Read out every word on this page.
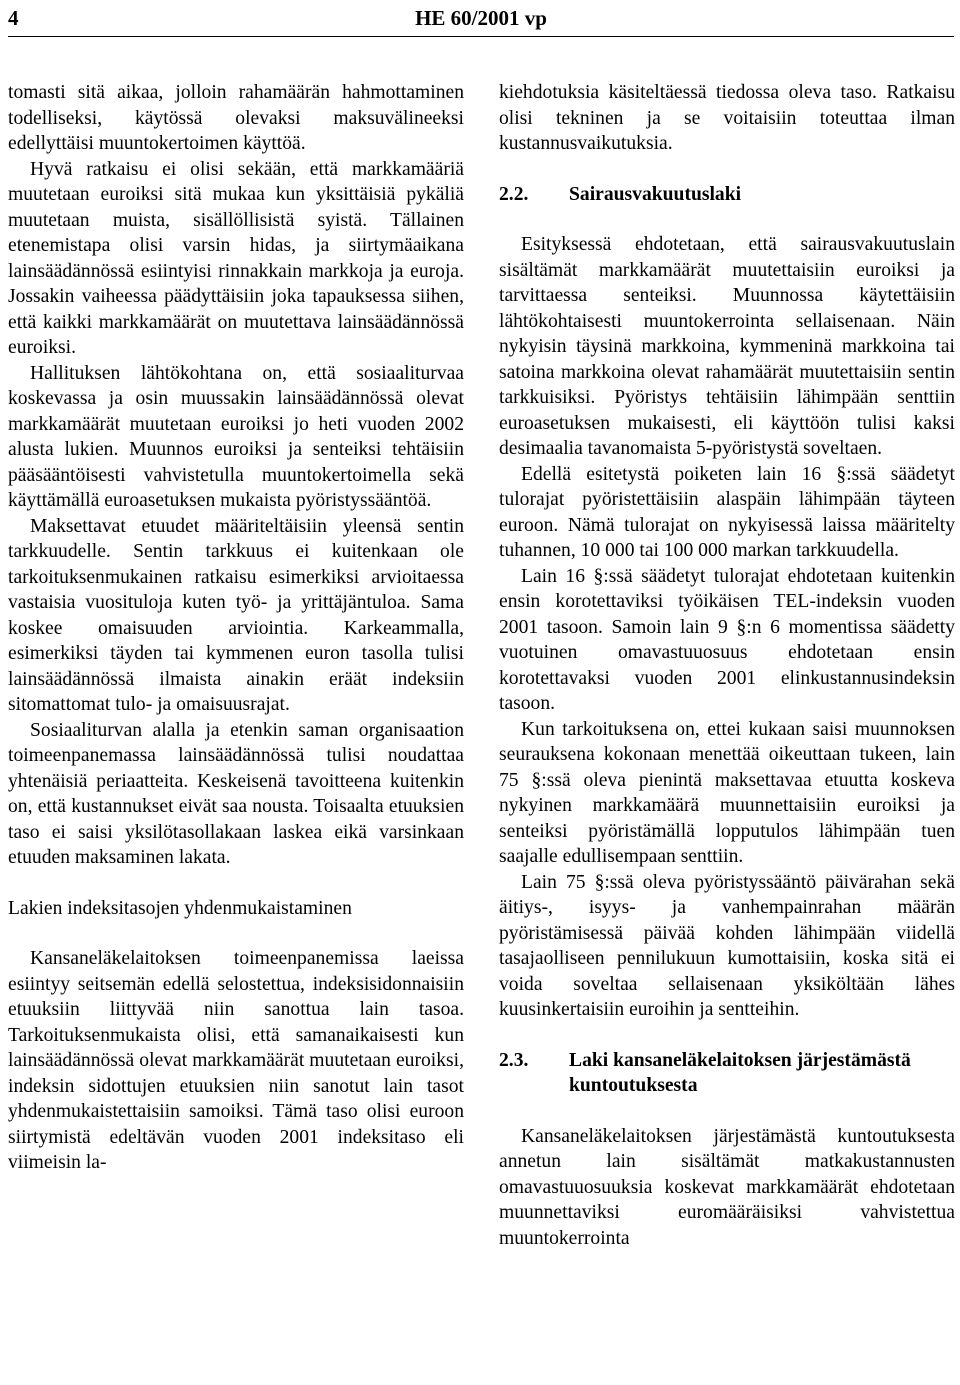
4	HE 60/2001 vp

tomasti sitä aikaa, jolloin rahamäärän hahmottaminen todelliseksi, käytössä olevaksi maksuvälineeksi edellyttäisi muuntokertoimen käyttöä.

Hyvä ratkaisu ei olisi sekään, että markkamääriä muutetaan euroiksi sitä mukaa kun yksittäisiä pykäliä muutetaan muista, sisällöllisistä syistä. Tällainen etenemistapa olisi varsin hidas, ja siirtymäaikana lainsäädännössä esiintyisi rinnakkain markkoja ja euroja. Jossakin vaiheessa päädyttäisiin joka tapauksessa siihen, että kaikki markkamäärät on muutettava lainsäädännössä euroiksi.

Hallituksen lähtökohtana on, että sosiaaliturvaa koskevassa ja osin muussakin lainsäädännössä olevat markkamäärät muutetaan euroiksi jo heti vuoden 2002 alusta lukien. Muunnos euroiksi ja senteiksi tehtäisiin pääsääntöisesti vahvistetulla muuntokertoimella sekä käyttämällä euroasetuksen mukaista pyöristyssääntöä.

Maksettavat etuudet määriteltäisiin yleensä sentin tarkkuudelle. Sentin tarkkuus ei kuitenkaan ole tarkoituksenmukainen ratkaisu esimerkiksi arvioitaessa vastaisia vuosituloja kuten työ- ja yrittäjäntuloa. Sama koskee omaisuuden arviointia. Karkeammalla, esimerkiksi täyden tai kymmenen euron tasolla tulisi lainsäädännössä ilmaista ainakin eräät indeksiin sitomattomat tulo- ja omaisuusrajat.

Sosiaaliturvan alalla ja etenkin saman organisaation toimeenpanemassa lainsäädännössä tulisi noudattaa yhtenäisiä periaatteita. Keskeisenä tavoitteena kuitenkin on, että kustannukset eivät saa nousta. Toisaalta etuuksien taso ei saisi yksilötasollakaan laskea eikä varsinkaan etuuden maksaminen lakata.

Lakien indeksitasojen yhdenmukaistaminen

Kansaneläkelaitoksen toimeenpanemissa laeissa esiintyy seitsemän edellä selostettua, indeksisidonnaisiin etuuksiin liittyvää niin sanottua lain tasoa. Tarkoituksenmukaista olisi, että samanaikaisesti kun lainsäädännössä olevat markkamäärät muutetaan euroiksi, indeksin sidottujen etuuksien niin sanotut lain tasot yhdenmukaistettaisiin samoiksi. Tämä taso olisi euroon siirtymistä edeltävän vuoden 2001 indeksitaso eli viimeisin la-

kiehdotuksia käsiteltäessä tiedossa oleva taso. Ratkaisu olisi tekninen ja se voitaisiin toteuttaa ilman kustannusvaikutuksia.

2.2.	Sairausvakuutuslaki

Esityksessä ehdotetaan, että sairausvakuutuslain sisältämät markkamäärät muutettaisiin euroiksi ja tarvittaessa senteiksi. Muunnossa käytettäisiin lähtökohtaisesti muuntokerrointa sellaisenaan. Näin nykyisin täysinä markkoina, kymmeninä markkoina tai satoina markkoina olevat rahamäärät muutettaisiin sentin tarkkuisiksi. Pyöristys tehtäisiin lähimpään senttiin euroasetuksen mukaisesti, eli käyttöön tulisi kaksi desimaalia tavanomaista 5-pyöristystä soveltaen.

Edellä esitetystä poiketen lain 16 §:ssä säädetyt tulorajat pyöristettäisiin alaspäin lähimpään täyteen euroon. Nämä tulorajat on nykyisessä laissa määritelty tuhannen, 10 000 tai 100 000 markan tarkkuudella.

Lain 16 §:ssä säädetyt tulorajat ehdotetaan kuitenkin ensin korotettaviksi työikäisen TEL-indeksin vuoden 2001 tasoon. Samoin lain 9 §:n 6 momentissa säädetty vuotuinen omavastuuosuus ehdotetaan ensin korotettavaksi vuoden 2001 elinkustannusindeksin tasoon.

Kun tarkoituksena on, ettei kukaan saisi muunnoksen seurauksena kokonaan menettää oikeuttaan tukeen, lain 75 §:ssä oleva pienintä maksettavaa etuutta koskeva nykyinen markkamäärä muunnettaisiin euroiksi ja senteiksi pyöristämällä lopputulos lähimpään tuen saajalle edullisempaan senttiin.

Lain 75 §:ssä oleva pyöristyssääntö päivärahan sekä äitiys-, isyys- ja vanhempainrahan määrän pyöristämisessä päivää kohden lähimpään viidellä tasajaolliseen pennilukuun kumottaisiin, koska sitä ei voida soveltaa sellaisenaan yksiköltään lähes kuusinkertaisiin euroihin ja sentteihin.

2.3.	Laki kansaneläkelaitoksen järjestämästä kuntoutuksesta

Kansaneläkelaitoksen järjestämästä kuntoutuksesta annetun lain sisältämät matkakustannusten omavastuuosuuksia koskevat markkamäärät ehdotetaan muunnettaviksi euromääräisiksi vahvistettua muuntokerrointa
